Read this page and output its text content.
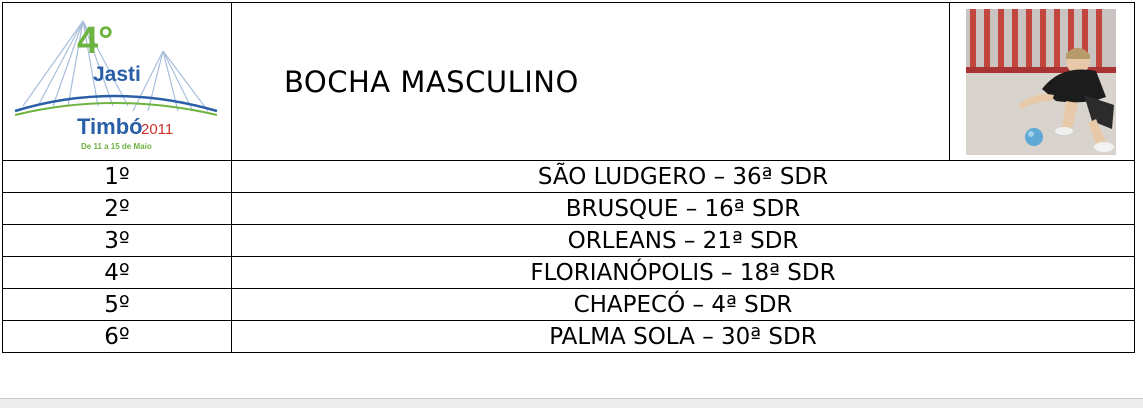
4°
Jasti
Timbó
2011
De 11 a 15 de Maio	BOCHA MASCULINO	

1º	SÃO LUDGERO – 36ª SDR	
2º	BRUSQUE – 16ª SDR	
3º	ORLEANS – 21ª SDR	
4º	FLORIANÓPOLIS – 18ª SDR	
5º	CHAPECÓ – 4ª SDR	
6º	PALMA SOLA – 30ª SDR	
